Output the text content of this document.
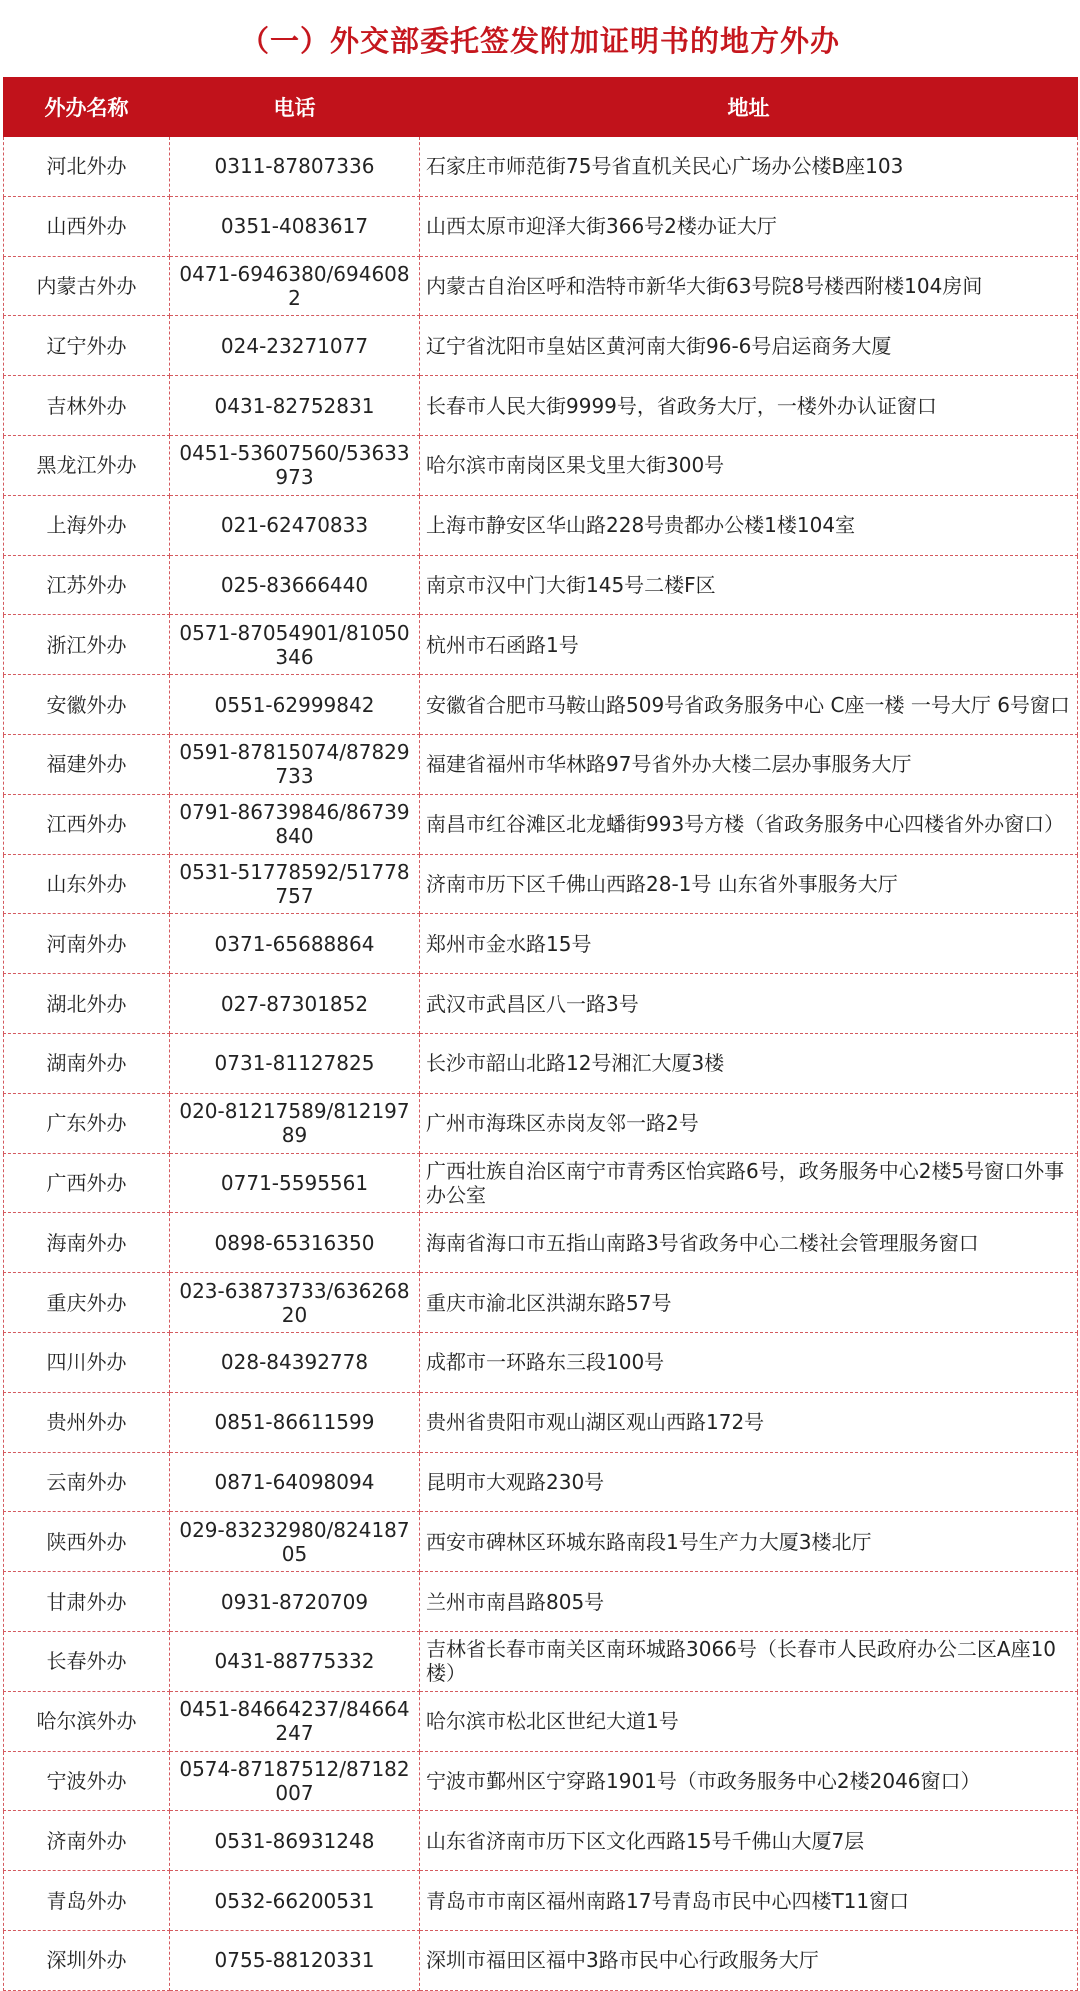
（一）外交部委托签发附加证明书的地方外办
外办名称	电话	地址
河北外办	0311-87807336	石家庄市师范街75号省直机关民心广场办公楼B座103
山西外办	0351-4083617	山西太原市迎泽大街366号2楼办证大厅
内蒙古外办	0471-6946380/6946082	内蒙古自治区呼和浩特市新华大街63号院8号楼西附楼104房间
辽宁外办	024-23271077	辽宁省沈阳市皇姑区黄河南大街96-6号启运商务大厦
吉林外办	0431-82752831	长春市人民大街9999号，省政务大厅，一楼外办认证窗口
黑龙江外办	0451-53607560/53633973	哈尔滨市南岗区果戈里大街300号
上海外办	021-62470833	上海市静安区华山路228号贵都办公楼1楼104室
江苏外办	025-83666440	南京市汉中门大街145号二楼F区
浙江外办	0571-87054901/81050346	杭州市石函路1号
安徽外办	0551-62999842	安徽省合肥市马鞍山路509号省政务服务中心 C座一楼 一号大厅 6号窗口
福建外办	0591-87815074/87829733	福建省福州市华林路97号省外办大楼二层办事服务大厅
江西外办	0791-86739846/86739840	南昌市红谷滩区北龙蟠街993号方楼（省政务服务中心四楼省外办窗口）
山东外办	0531-51778592/51778757	济南市历下区千佛山西路28-1号 山东省外事服务大厅
河南外办	0371-65688864	郑州市金水路15号
湖北外办	027-87301852	武汉市武昌区八一路3号
湖南外办	0731-81127825	长沙市韶山北路12号湘汇大厦3楼
广东外办	020-81217589/81219789	广州市海珠区赤岗友邻一路2号
广西外办	0771-5595561	广西壮族自治区南宁市青秀区怡宾路6号，政务服务中心2楼5号窗口外事办公室
海南外办	0898-65316350	海南省海口市五指山南路3号省政务中心二楼社会管理服务窗口
重庆外办	023-63873733/63626820	重庆市渝北区洪湖东路57号
四川外办	028-84392778	成都市一环路东三段100号
贵州外办	0851-86611599	贵州省贵阳市观山湖区观山西路172号
云南外办	0871-64098094	昆明市大观路230号
陕西外办	029-83232980/82418705	西安市碑林区环城东路南段1号生产力大厦3楼北厅
甘肃外办	0931-8720709	兰州市南昌路805号
长春外办	0431-88775332	吉林省长春市南关区南环城路3066号（长春市人民政府办公二区A座10楼）
哈尔滨外办	0451-84664237/84664247	哈尔滨市松北区世纪大道1号
宁波外办	0574-87187512/87182007	宁波市鄞州区宁穿路1901号（市政务服务中心2楼2046窗口）
济南外办	0531-86931248	山东省济南市历下区文化西路15号千佛山大厦7层
青岛外办	0532-66200531	青岛市市南区福州南路17号青岛市民中心四楼T11窗口
深圳外办	0755-88120331	深圳市福田区福中3路市民中心行政服务大厅
